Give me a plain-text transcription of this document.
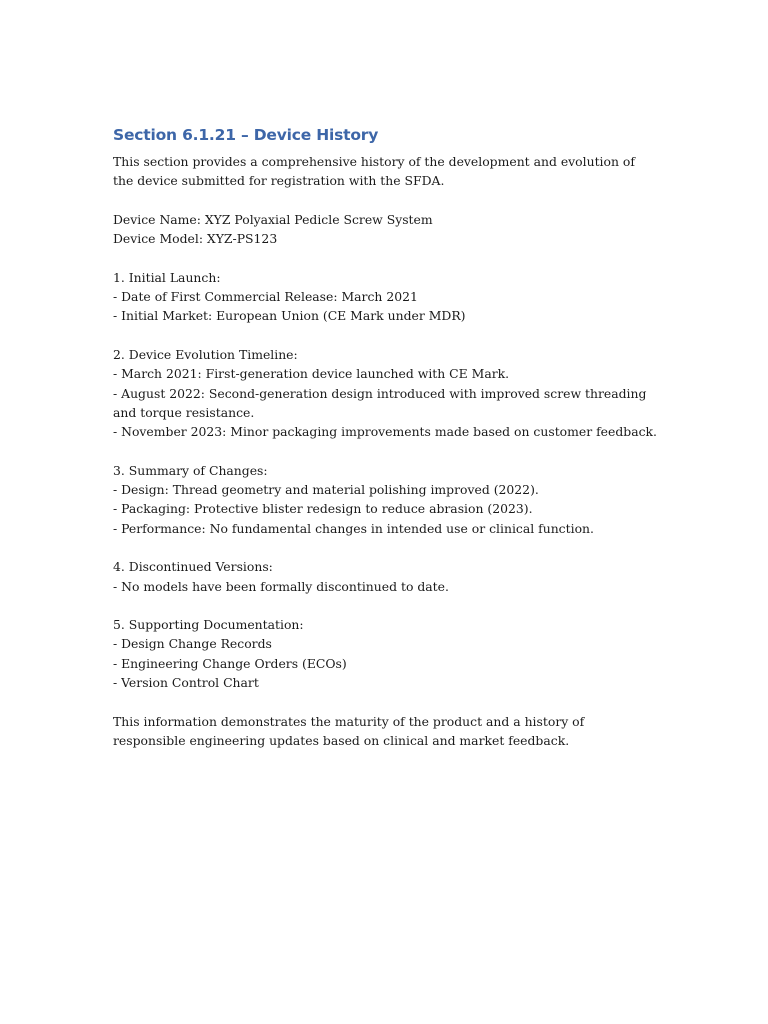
Section 6.1.21 – Device History

This section provides a comprehensive history of the development and evolution of the device submitted for registration with the SFDA.

Device Name: XYZ Polyaxial Pedicle Screw System
Device Model: XYZ-PS123
1. Initial Launch:
- Date of First Commercial Release: March 2021
- Initial Market: European Union (CE Mark under MDR)
2. Device Evolution Timeline:
- March 2021: First-generation device launched with CE Mark.
- August 2022: Second-generation design introduced with improved screw threading and torque resistance.
- November 2023: Minor packaging improvements made based on customer feedback.
3. Summary of Changes:
- Design: Thread geometry and material polishing improved (2022).
- Packaging: Protective blister redesign to reduce abrasion (2023).
- Performance: No fundamental changes in intended use or clinical function.
4. Discontinued Versions:
- No models have been formally discontinued to date.
5. Supporting Documentation:
- Design Change Records
- Engineering Change Orders (ECOs)
- Version Control Chart

This information demonstrates the maturity of the product and a history of responsible engineering updates based on clinical and market feedback.
